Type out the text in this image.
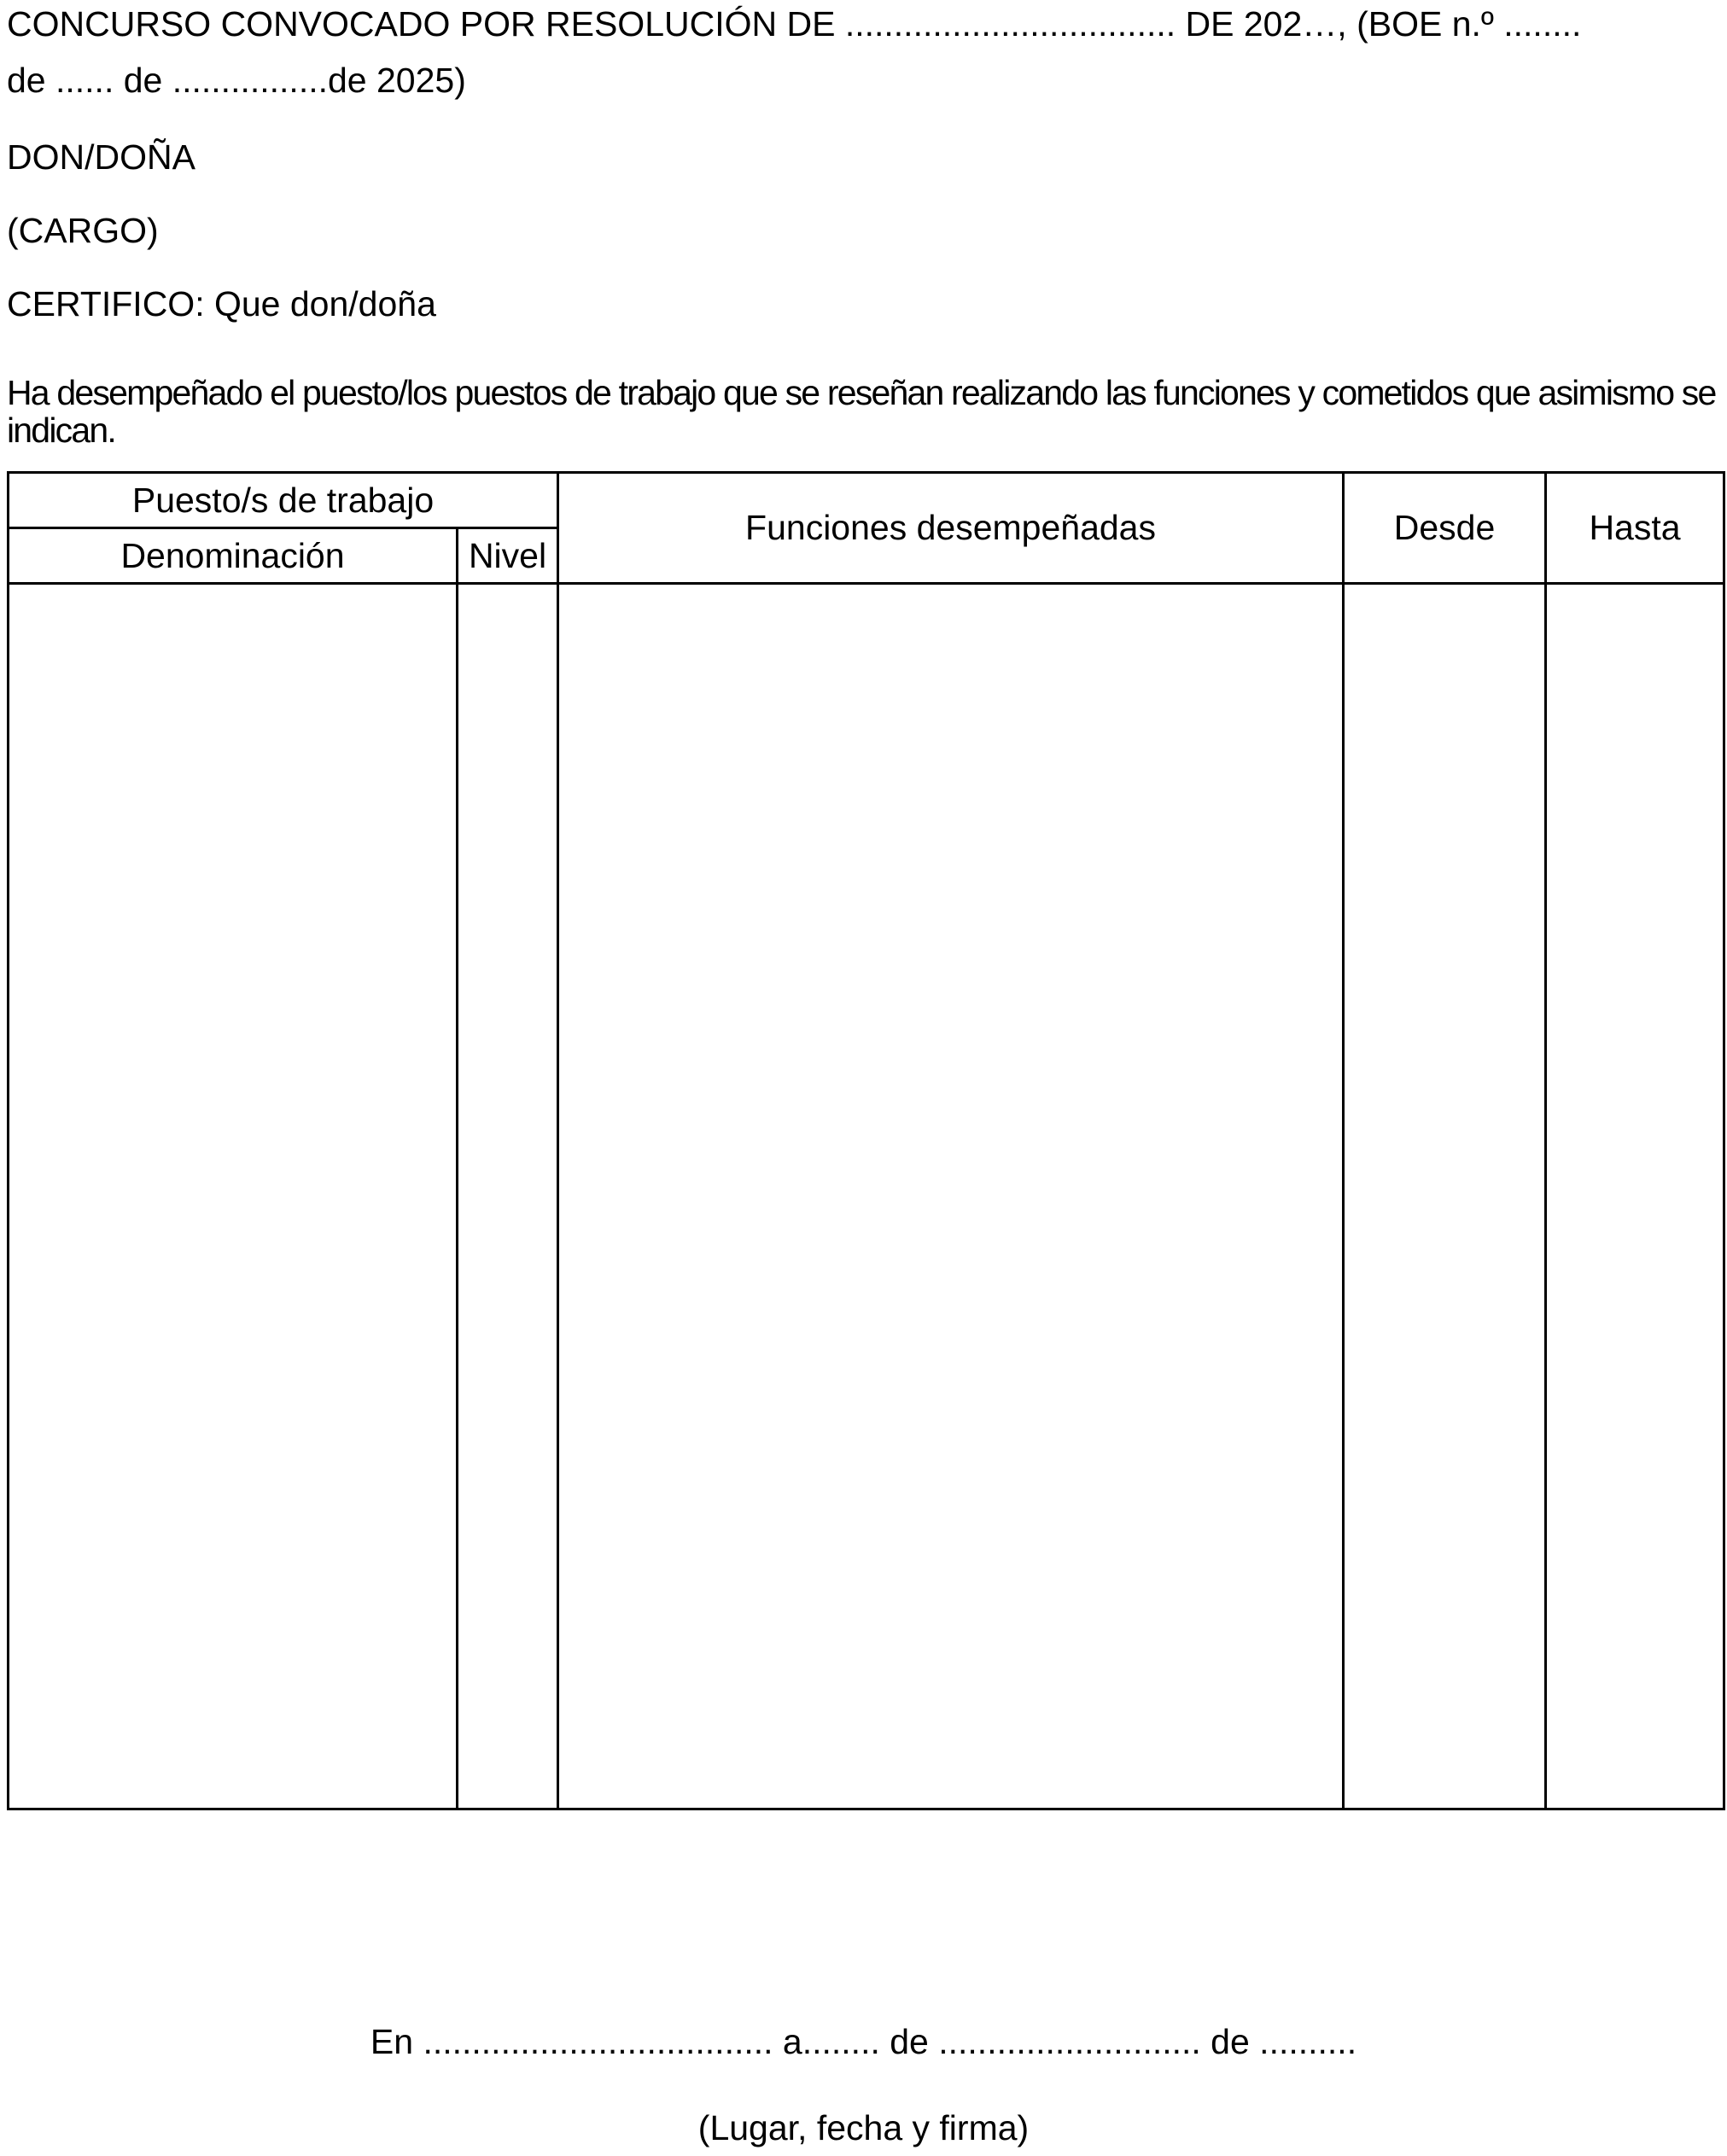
CONCURSO CONVOCADO POR RESOLUCIÓN DE .................................. DE 202…, (BOE n.º ........

de ...... de ................de 2025)

DON/DOÑA

(CARGO)

CERTIFICO: Que don/doña

Ha desempeñado el puesto/los puestos de trabajo que se reseñan realizando las funciones y cometidos que asimismo se indican.

Puesto/s de trabajo		Funciones desempeñadas	Desde	Hasta
Denominación	Nivel			

En .................................... a........ de ........................... de ..........

(Lugar, fecha y firma)
